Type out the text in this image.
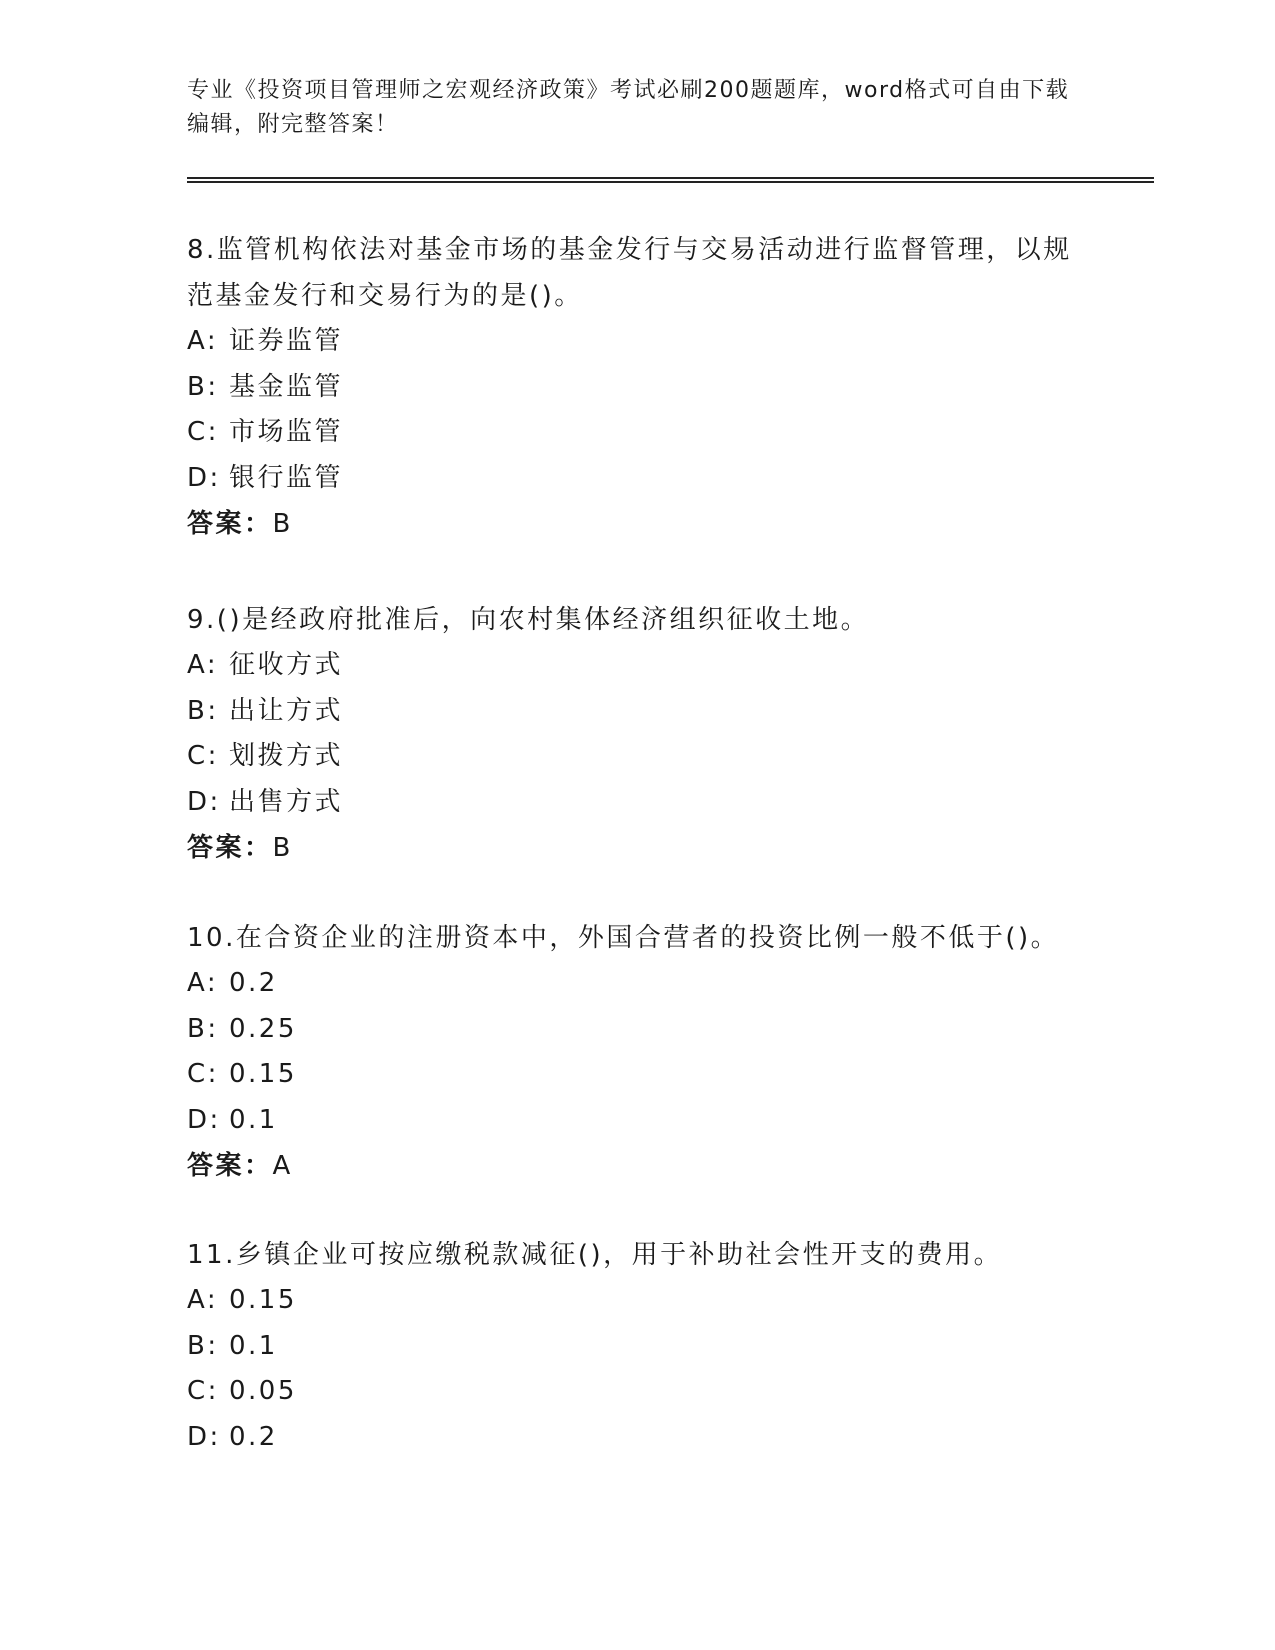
专业《投资项目管理师之宏观经济政策》考试必刷200题题库，word格式可自由下载编辑，附完整答案！

8.监管机构依法对基金市场的基金发行与交易活动进行监督管理，以规范基金发行和交易行为的是()。

A: 证券监管

B: 基金监管

C: 市场监管

D: 银行监管

答案：B

9.()是经政府批准后，向农村集体经济组织征收土地。

A: 征收方式

B: 出让方式

C: 划拨方式

D: 出售方式

答案：B

10.在合资企业的注册资本中，外国合营者的投资比例一般不低于()。

A: 0.2

B: 0.25

C: 0.15

D: 0.1

答案：A

11.乡镇企业可按应缴税款减征()，用于补助社会性开支的费用。

A: 0.15

B: 0.1

C: 0.05

D: 0.2
